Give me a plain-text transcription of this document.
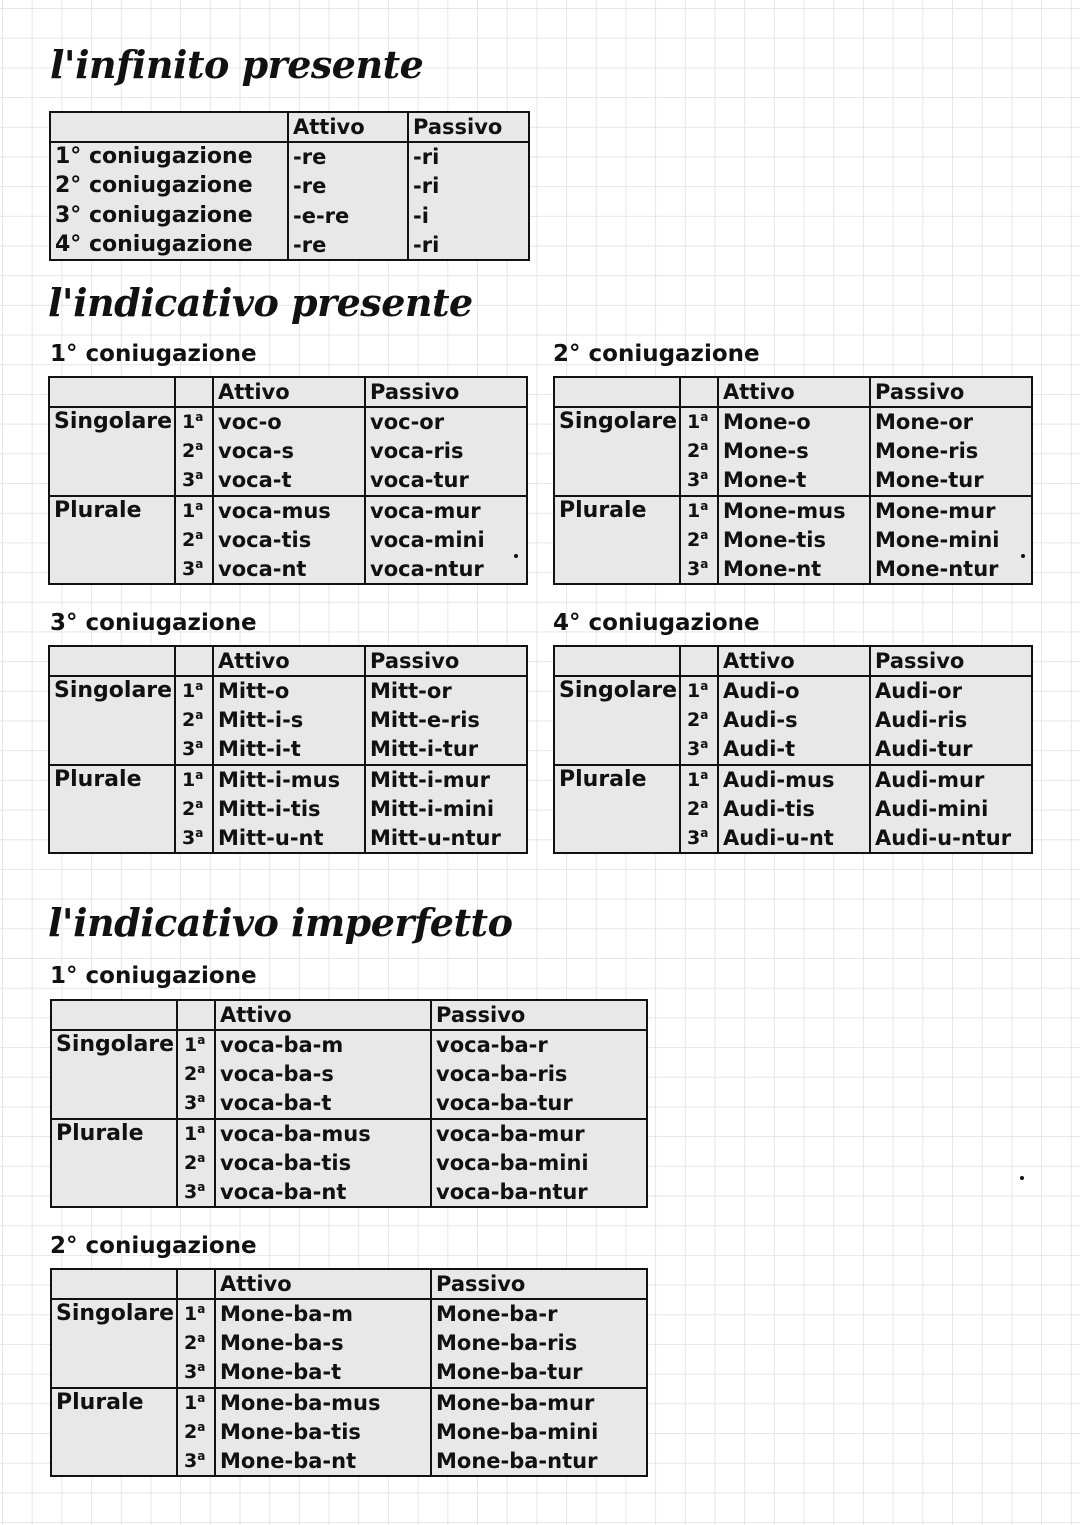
l'infinito presente
	Attivo	Passivo
1° coniugazione	-re	-ri
2° coniugazione	-re	-ri
3° coniugazione	-e-re	-i
4° coniugazione	-re	-ri
l'indicativo presente
1° coniugazione
		Attivo	Passivo
Singolare	1$^a$	voc-o	voc-or
	2$^a$	voca-s	voca-ris
	3$^a$	voca-t	voca-tur
Plurale	1$^a$	voca-mus	voca-mur
	2$^a$	voca-tis	voca-mini
	3$^a$	voca-nt	voca-ntur
2° coniugazione
		Attivo	Passivo
Singolare	1$^a$	Mone-o	Mone-or
	2$^a$	Mone-s	Mone-ris
	3$^a$	Mone-t	Mone-tur
Plurale	1$^a$	Mone-mus	Mone-mur
	2$^a$	Mone-tis	Mone-mini
	3$^a$	Mone-nt	Mone-ntur
3° coniugazione
		Attivo	Passivo
Singolare	1$^a$	Mitt-o	Mitt-or
	2$^a$	Mitt-i-s	Mitt-e-ris
	3$^a$	Mitt-i-t	Mitt-i-tur
Plurale	1$^a$	Mitt-i-mus	Mitt-i-mur
	2$^a$	Mitt-i-tis	Mitt-i-mini
	3$^a$	Mitt-u-nt	Mitt-u-ntur
4° coniugazione
		Attivo	Passivo
Singolare	1$^a$	Audi-o	Audi-or
	2$^a$	Audi-s	Audi-ris
	3$^a$	Audi-t	Audi-tur
Plurale	1$^a$	Audi-mus	Audi-mur
	2$^a$	Audi-tis	Audi-mini
	3$^a$	Audi-u-nt	Audi-u-ntur
l'indicativo imperfetto
1° coniugazione
		Attivo	Passivo
Singolare	1$^a$	voca-ba-m	voca-ba-r
	2$^a$	voca-ba-s	voca-ba-ris
	3$^a$	voca-ba-t	voca-ba-tur
Plurale	1$^a$	voca-ba-mus	voca-ba-mur
	2$^a$	voca-ba-tis	voca-ba-mini
	3$^a$	voca-ba-nt	voca-ba-ntur
2° coniugazione
		Attivo	Passivo
Singolare	1$^a$	Mone-ba-m	Mone-ba-r
	2$^a$	Mone-ba-s	Mone-ba-ris
	3$^a$	Mone-ba-t	Mone-ba-tur
Plurale	1$^a$	Mone-ba-mus	Mone-ba-mur
	2$^a$	Mone-ba-tis	Mone-ba-mini
	3$^a$	Mone-ba-nt	Mone-ba-ntur
